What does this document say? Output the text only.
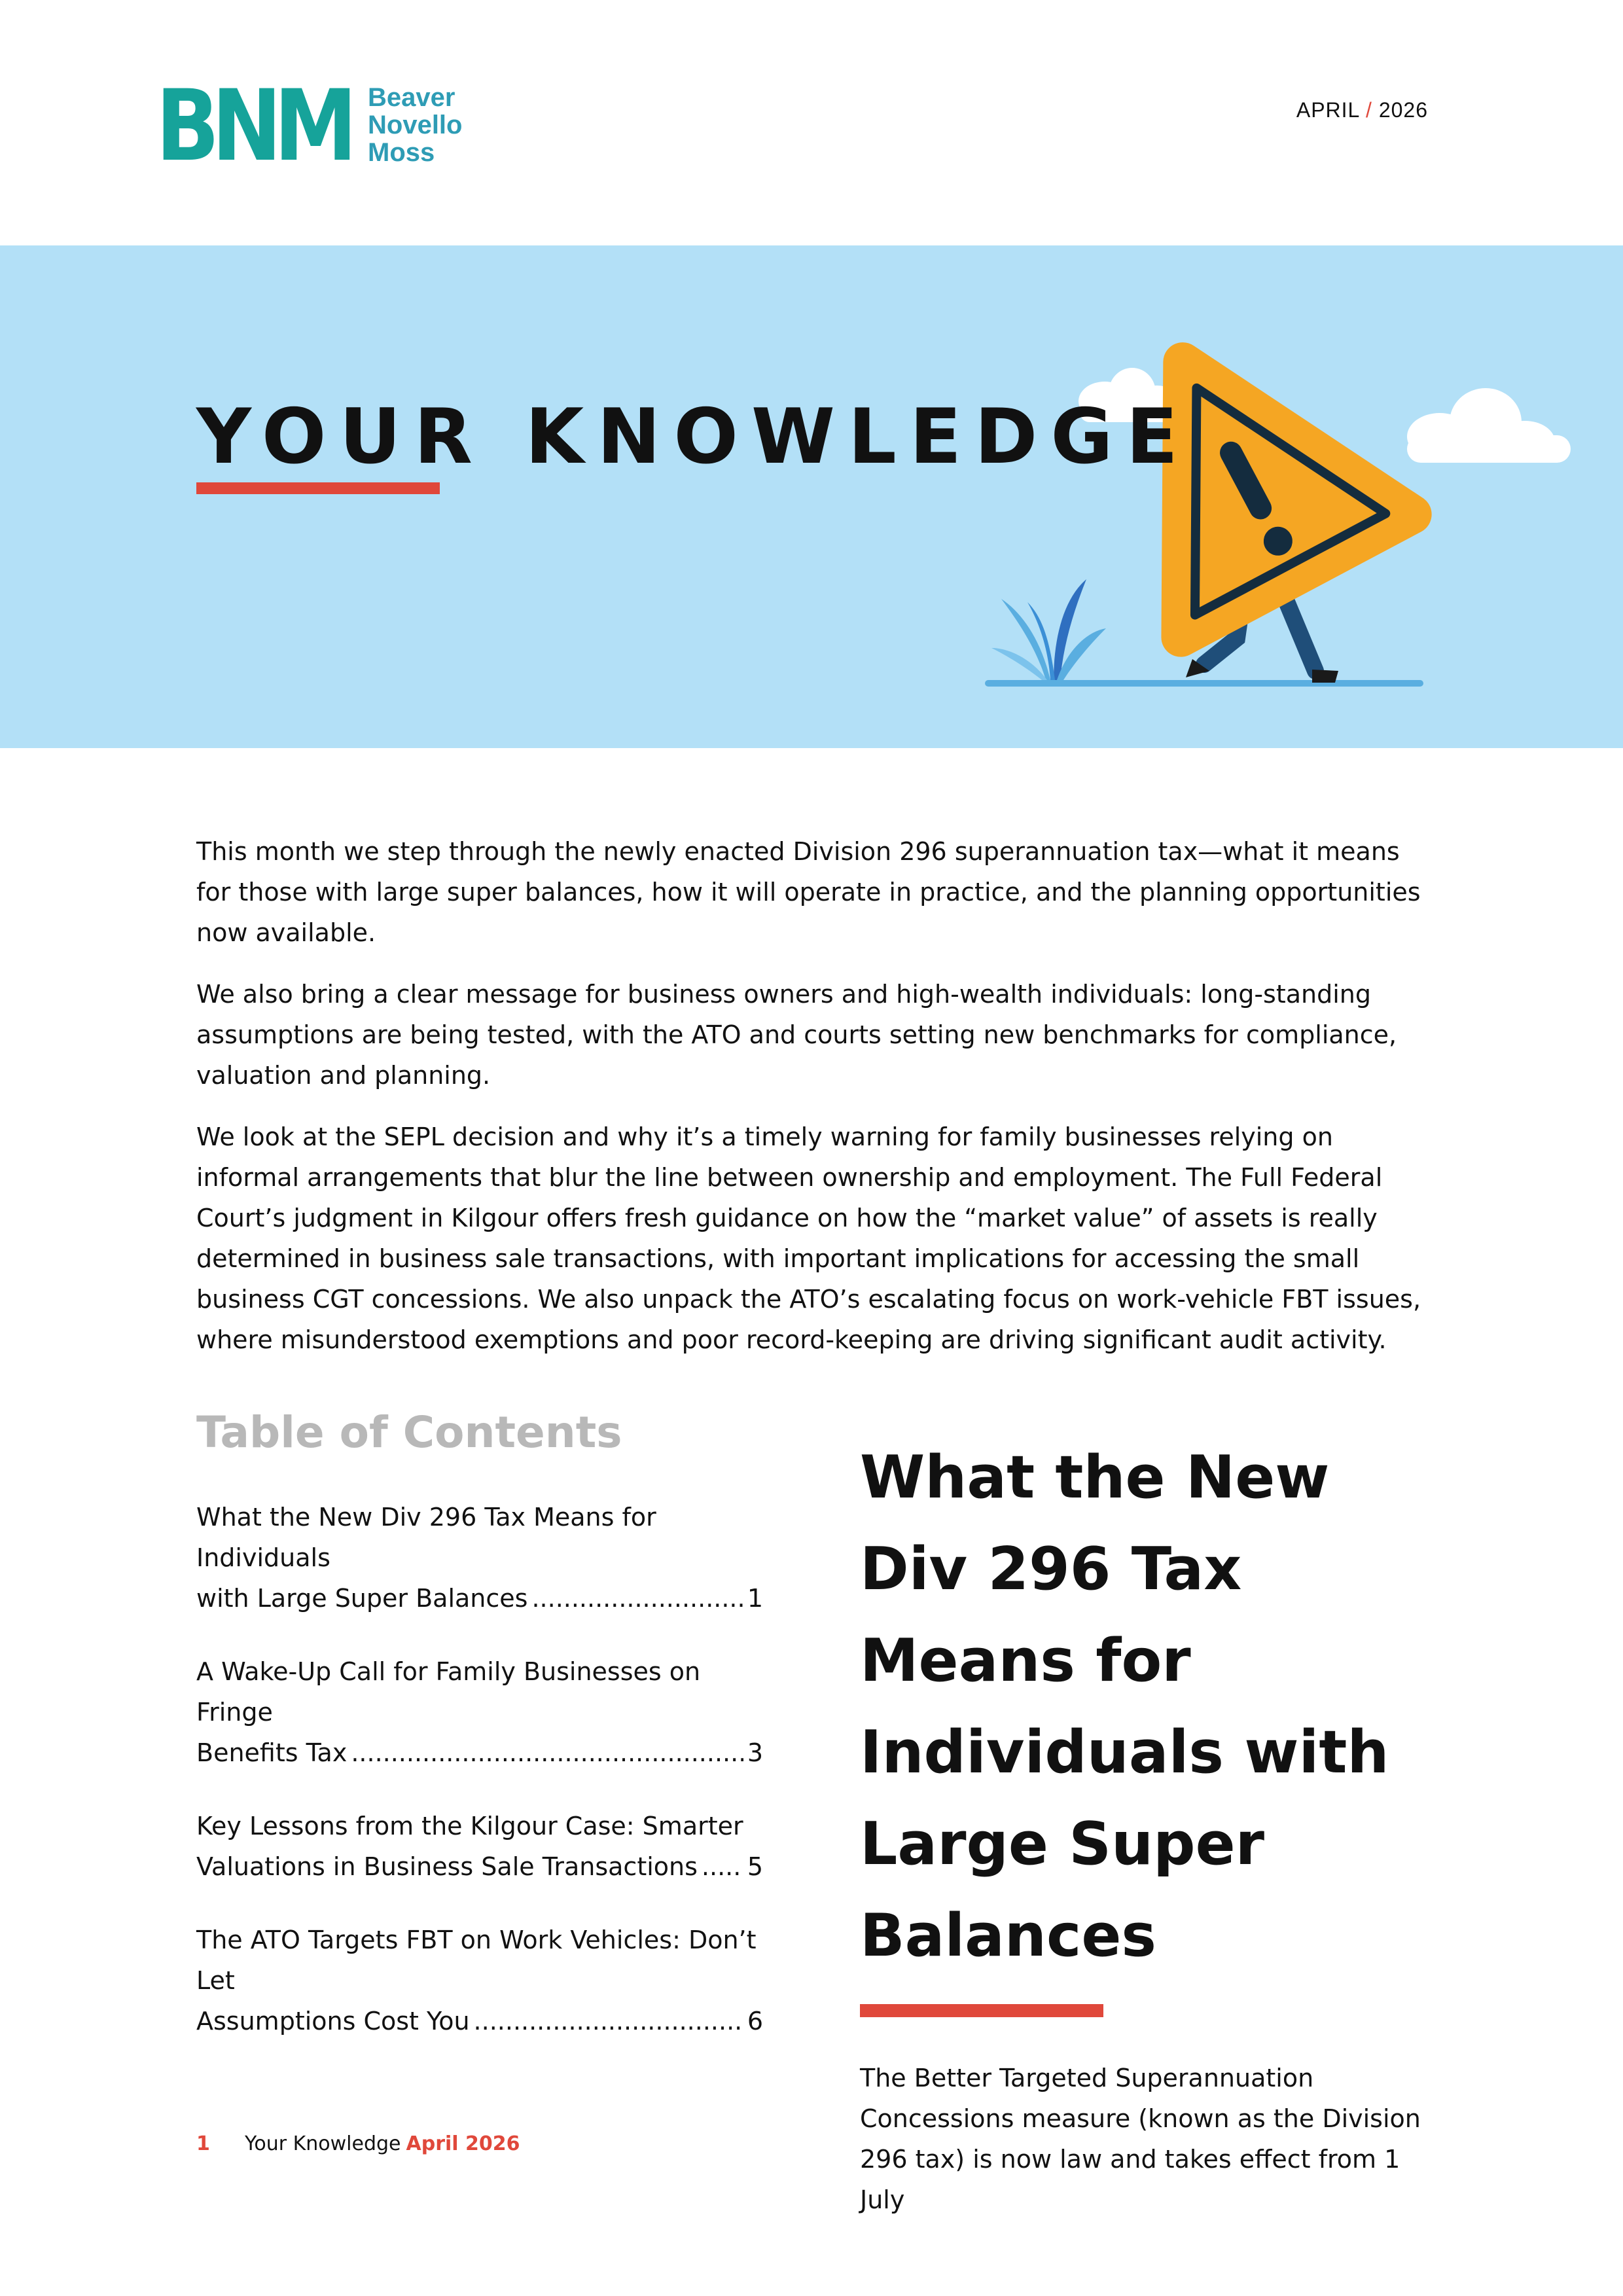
BNM Beaver
Novello
Moss
APRIL / 2026
YOUR KNOWLEDGE

This month we step through the newly enacted Division 296 superannuation tax—what it means for those with large super balances, how it will operate in practice, and the planning opportunities now available.

We also bring a clear message for business owners and high-wealth individuals: long-standing assumptions are being tested, with the ATO and courts setting new benchmarks for compliance, valuation and planning.

We look at the SEPL decision and why it’s a timely warning for family businesses relying on informal arrangements that blur the line between ownership and employment. The Full Federal Court’s judgment in Kilgour offers fresh guidance on how the “market value” of assets is really determined in business sale transactions, with important implications for accessing the small business CGT concessions. We also unpack the ATO’s escalating focus on work-vehicle FBT issues, where misunderstood exemptions and poor record-keeping are driving significant audit activity.

Table of Contents
What the New Div 296 Tax Means for Individuals
with Large Super Balances .....	1
A Wake-Up Call for Family Businesses on Fringe
Benefits Tax .....	3
Key Lessons from the Kilgour Case: Smarter
Valuations in Business Sale Transactions ..... 5
The ATO Targets FBT on Work Vehicles: Don’t Let
Assumptions Cost You .....	6
What the New Div 296 Tax Means for Individuals with Large Super Balances

The Better Targeted Superannuation Concessions measure (known as the Division 296 tax) is now law and takes effect from 1 July

1	Your Knowledge April 2026
